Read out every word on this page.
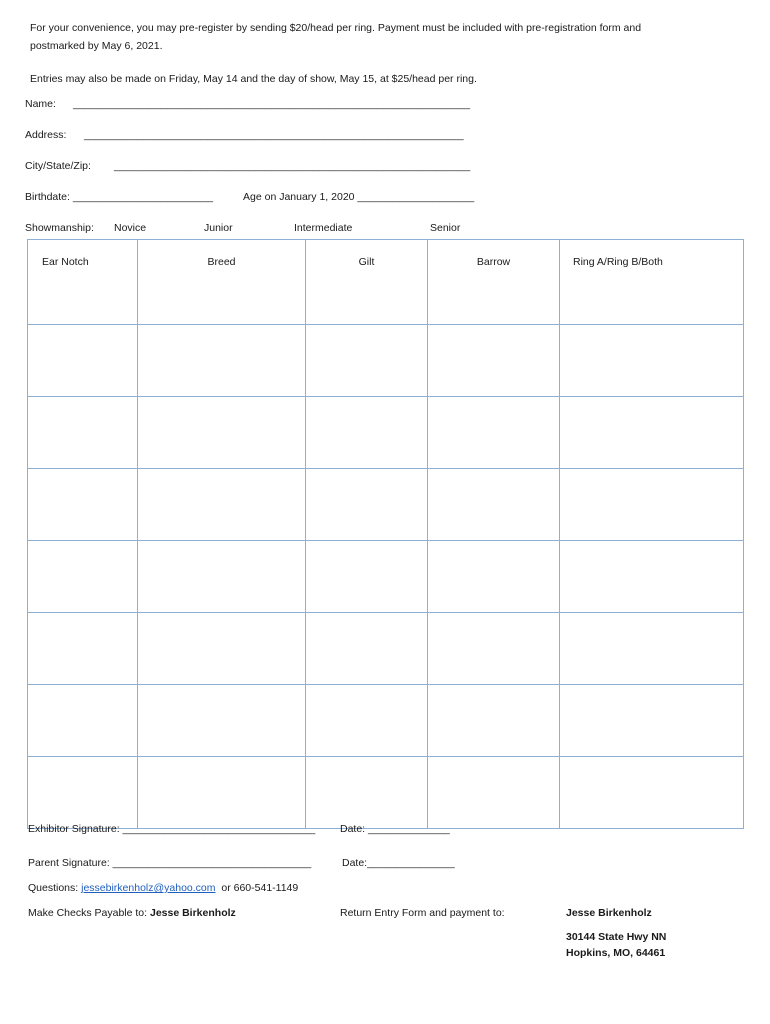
For your convenience, you may pre-register by sending $20/head per ring. Payment must be included with pre-registration form and
postmarked by May 6, 2021.
Entries may also be made on Friday, May 14 and the day of show, May 15, at $25/head per ring.
Name: ____________________________________________________________________
Address: _________________________________________________________________
City/State/Zip: _____________________________________________________________
Birthdate: ________________________	Age on January 1, 2020 ____________________
Showmanship: Novice	Junior	Intermediate	Senior
Ear Notch	Breed	Gilt	Barrow	Ring A/Ring B/Both

Exhibitor Signature: _________________________________ Date: ______________
Parent Signature: __________________________________	Date:_______________
Questions: jessebirkenholz@yahoo.com or 660-541-1149
Make Checks Payable to: Jesse Birkenholz	Return Entry Form and payment to:	Jesse Birkenholz
30144 State Hwy NN
Hopkins, MO, 64461
